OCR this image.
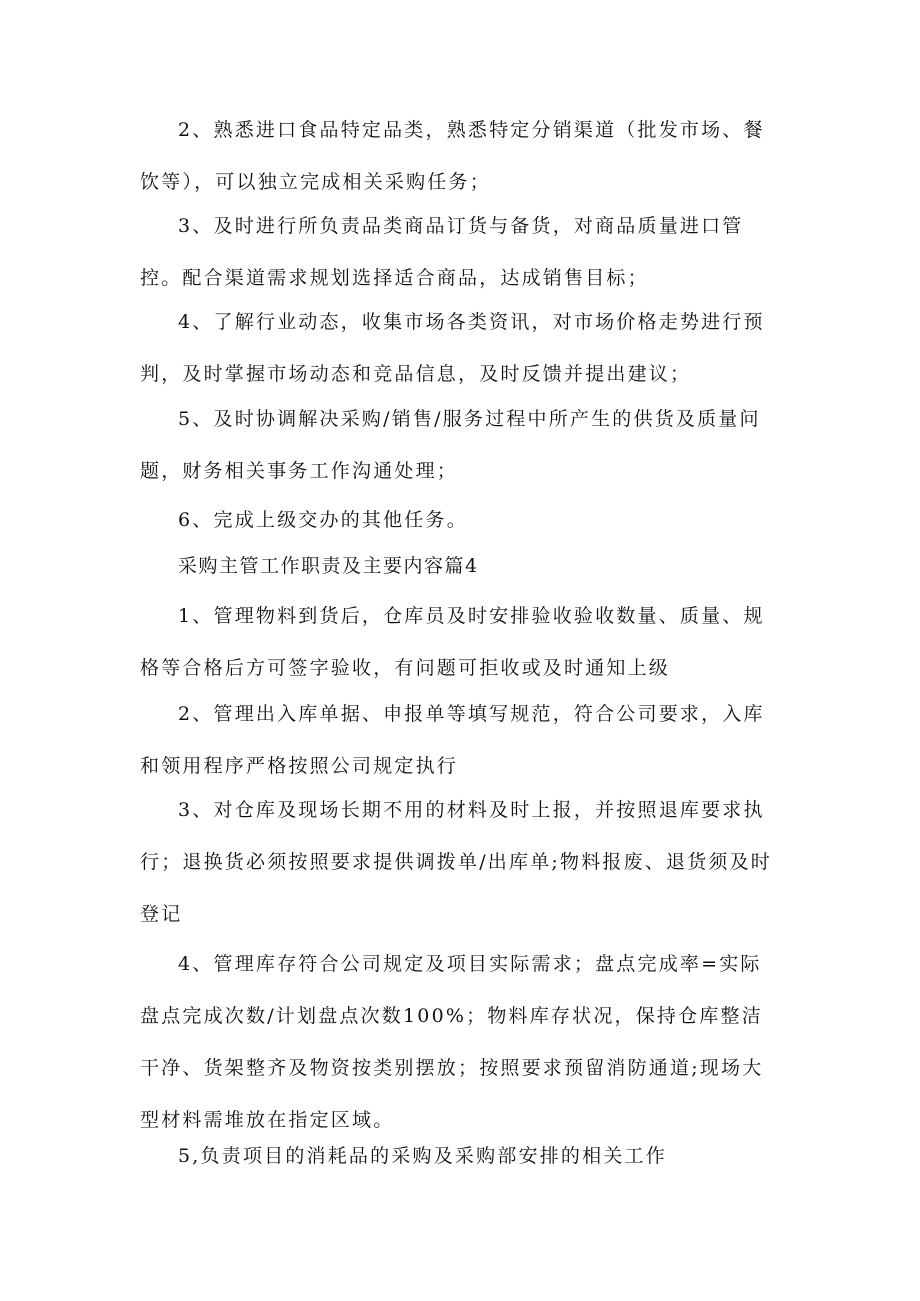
2、熟悉进口食品特定品类，熟悉特定分销渠道（批发市场、餐饮等），可以独立完成相关采购任务；

3、及时进行所负责品类商品订货与备货，对商品质量进口管控。配合渠道需求规划选择适合商品，达成销售目标；

4、了解行业动态，收集市场各类资讯，对市场价格走势进行预判，及时掌握市场动态和竞品信息，及时反馈并提出建议；

5、及时协调解决采购/销售/服务过程中所产生的供货及质量问题，财务相关事务工作沟通处理；

6、完成上级交办的其他任务。

采购主管工作职责及主要内容篇4

1、管理物料到货后，仓库员及时安排验收验收数量、质量、规格等合格后方可签字验收，有问题可拒收或及时通知上级

2、管理出入库单据、申报单等填写规范，符合公司要求，入库和领用程序严格按照公司规定执行

3、对仓库及现场长期不用的材料及时上报，并按照退库要求执行；退换货必须按照要求提供调拨单/出库单;物料报废、退货须及时登记

4、管理库存符合公司规定及项目实际需求；盘点完成率=实际盘点完成次数/计划盘点次数100%；物料库存状况，保持仓库整洁干净、货架整齐及物资按类别摆放；按照要求预留消防通道;现场大型材料需堆放在指定区域。

5,负责项目的消耗品的采购及采购部安排的相关工作
